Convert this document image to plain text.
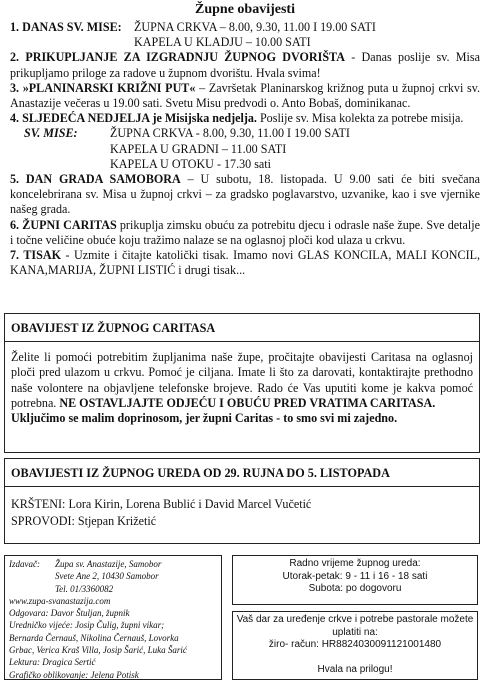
Župne obavijesti
1. DANAS SV. MISE:	ŽUPNA CRKVA – 8.00, 9.30, 11.00 I 19.00 SATI
KAPELA U KLADJU – 10.00 SATI

2. PRIKUPLJANJE ZA IZGRADNJU ŽUPNOG DVORIŠTA - Danas poslije sv. Misa prikupljamo priloge za radove u župnom dvorištu. Hvala svima!

3. »PLANINARSKI KRIŽNI PUT« – Završetak Planinarskog križnog puta u župnoj crkvi sv. Anastazije večeras u 19.00 sati. Svetu Misu predvodi o. Anto Bobaš, dominikanac.

4. SLJEDEĆA NEDJELJA je Misijska nedjelja. Poslije sv. Misa kolekta za potrebe misija.

SV. MISE:	ŽUPNA CRKVA - 8.00, 9.30, 11.00 I 19.00 SATI
KAPELA U GRADNI – 11.00 SATI
KAPELA U OTOKU - 17.30 sati

5. DAN GRADA SAMOBORA – U subotu, 18. listopada. U 9.00 sati će biti svečana koncelebrirana sv. Misa u župnoj crkvi – za gradsko poglavarstvo, uzvanike, kao i sve vjernike našeg grada.

6. ŽUPNI CARITAS prikuplja zimsku obuću za potrebitu djecu i odrasle naše župe. Sve detalje i točne veličine obuće koju tražimo nalaze se na oglasnoj ploči kod ulaza u crkvu.

7. TISAK - Uzmite i čitajte katolički tisak. Imamo novi GLAS KONCILA, MALI KONCIL, KANA,MARIJA, ŽUPNI LISTIĆ i drugi tisak...

OBAVIJEST IZ ŽUPNOG CARITASA
Želite li pomoći potrebitim župljanima naše župe, pročitajte obavijesti Caritasa na oglasnoj ploči pred ulazom u crkvu. Pomoć je ciljana. Imate li što za darovati, kontaktirajte prethodno naše volontere na objavljene telefonske brojeve. Rado će Vas uputiti kome je kakva pomoć potrebna. NE OSTAVLJAJTE ODJEĆU I OBUĆU PRED VRATIMA CARITASA.
Uključimo se malim doprinosom, jer župni Caritas - to smo svi mi zajedno.
OBAVIJESTI IZ ŽUPNOG UREDA OD 29. RUJNA DO 5. LISTOPADA
KRŠTENI: Lora Kirin, Lorena Bublić i David Marcel Vučetić
SPROVODI: Stjepan Križetić
Izdavač:	Župa sv. Anastazije, Samobor
Svete Ane 2, 10430 Samobor
Tel. 01/3360082
www.zupa-svanastazija.com
Odgovara: Davor Štuljan, župnik
Uredničko vijeće: Josip Čulig, župni vikar;
Bernarda Černauš, Nikolina Černauš, Lovorka
Grbac, Verica Kraš Villa, Josip Šarić, Luka Šarić
Lektura: Dragica Sertić
Grafičko oblikovanje: Jelena Potisk
Radno vrijeme župnog ureda:
Utorak-petak: 9 - 11 i 16 - 18 sati
Subota: po dogovoru
Vaš dar za uređenje crkve i potrebe pastorale možete
uplatiti na:
žiro- račun: HR8824030091121001480
Hvala na prilogu!
